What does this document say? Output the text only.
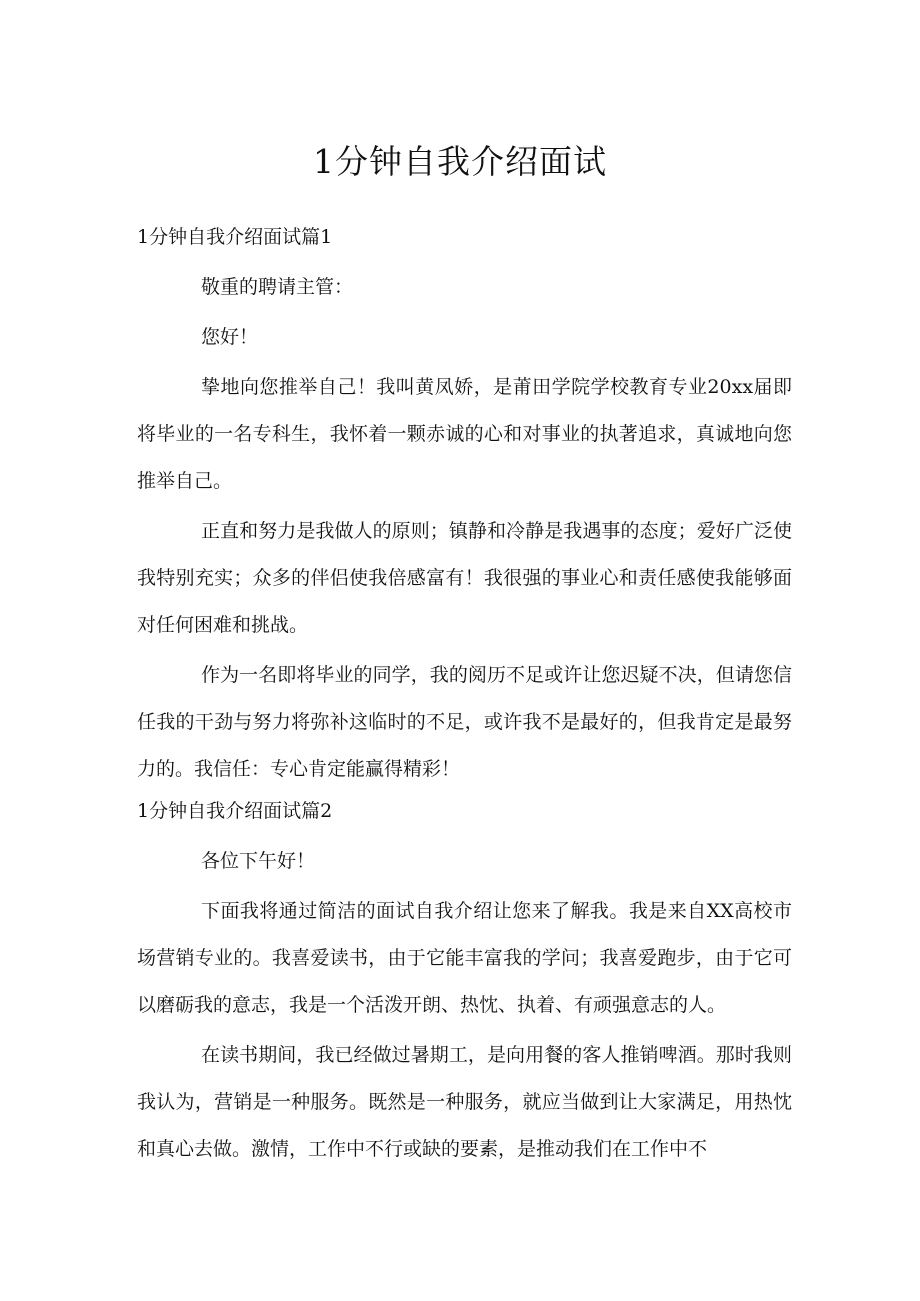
1分钟自我介绍面试
1分钟自我介绍面试篇1

敬重的聘请主管：

您好！

挚地向您推举自己！我叫黄凤娇，是莆田学院学校教育专业20xx届即将毕业的一名专科生，我怀着一颗赤诚的心和对事业的执著追求，真诚地向您推举自己。

正直和努力是我做人的原则；镇静和冷静是我遇事的态度；爱好广泛使我特别充实；众多的伴侣使我倍感富有！我很强的事业心和责任感使我能够面对任何困难和挑战。

作为一名即将毕业的同学，我的阅历不足或许让您迟疑不决，但请您信任我的干劲与努力将弥补这临时的不足，或许我不是最好的，但我肯定是最努力的。我信任：专心肯定能赢得精彩！

1分钟自我介绍面试篇2

各位下午好！

下面我将通过简洁的面试自我介绍让您来了解我。我是来自XX高校市场营销专业的。我喜爱读书，由于它能丰富我的学问；我喜爱跑步，由于它可以磨砺我的意志，我是一个活泼开朗、热忱、执着、有顽强意志的人。

在读书期间，我已经做过暑期工，是向用餐的客人推销啤酒。那时我则我认为，营销是一种服务。既然是一种服务，就应当做到让大家满足，用热忱和真心去做。激情，工作中不行或缺的要素，是推动我们在工作中不
